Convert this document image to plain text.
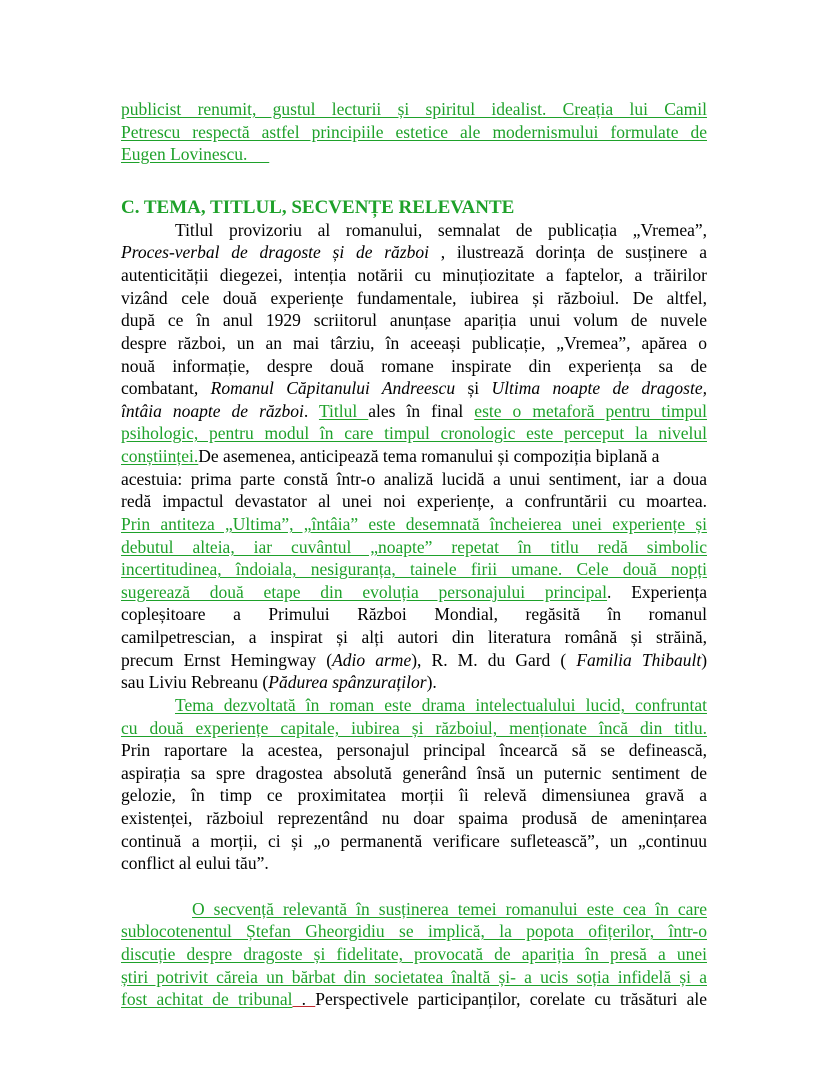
publicist renumit, gustul lecturii și spiritul idealist. Creația lui Camil
Petrescu respectă astfel principiile estetice ale modernismului formulate de
Eugen Lovinescu.
C. TEMA, TITLUL, SECVENȚE RELEVANTE
Titlul provizoriu al romanului, semnalat de publicația „Vremea”,
Proces-verbal de dragoste și de război , ilustrează dorința de susținere a
autenticității diegezei, intenția notării cu minuțiozitate a faptelor, a trăirilor
vizând cele două experiențe fundamentale, iubirea și războiul. De altfel,
după ce în anul 1929 scriitorul anunțase apariția unui volum de nuvele
despre război, un an mai târziu, în aceeași publicație, „Vremea”, apărea o
nouă informație, despre două romane inspirate din experiența sa de
combatant, Romanul Căpitanului Andreescu și Ultima noapte de dragoste,
întâia noapte de război. Titlul ales în final este o metaforă pentru timpul
psihologic, pentru modul în care timpul cronologic este perceput la nivelul
conștiinței.De asemenea, anticipează tema romanului și compoziția biplană a
acestuia: prima parte constă într-o analiză lucidă a unui sentiment, iar a doua
redă impactul devastator al unei noi experiențe, a confruntării cu moartea.
Prin antiteza „Ultima”, „întâia” este desemnată încheierea unei experiențe și
debutul alteia, iar cuvântul „noapte” repetat în titlu redă simbolic
incertitudinea, îndoiala, nesiguranța, tainele firii umane. Cele două nopți
sugerează două etape din evoluția personajului principal. Experiența
copleșitoare a Primului Război Mondial, regăsită în romanul
camilpetrescian, a inspirat și alți autori din literatura română și străină,
precum Ernst Hemingway (Adio arme), R. M. du Gard ( Familia Thibault)
sau Liviu Rebreanu (Pădurea spânzuraților).
Tema dezvoltată în roman este drama intelectualului lucid, confruntat
cu două experiențe capitale, iubirea și războiul, menționate încă din titlu.
Prin raportare la acestea, personajul principal încearcă să se definească,
aspirația sa spre dragostea absolută generând însă un puternic sentiment de
gelozie, în timp ce proximitatea morții îi relevă dimensiunea gravă a
existenței, războiul reprezentând nu doar spaima produsă de amenințarea
continuă a morții, ci și „o permanentă verificare sufletească”, un „continuu
conflict al eului tău”.
O secvență relevantă în susținerea temei romanului este cea în care
sublocotenentul Ștefan Gheorgidiu se implică, la popota ofițerilor, într-o
discuție despre dragoste și fidelitate, provocată de apariția în presă a unei
știri potrivit căreia un bărbat din societatea înaltă și- a ucis soția infidelă și a
fost achitat de tribunal . Perspectivele participanților, corelate cu trăsături ale
